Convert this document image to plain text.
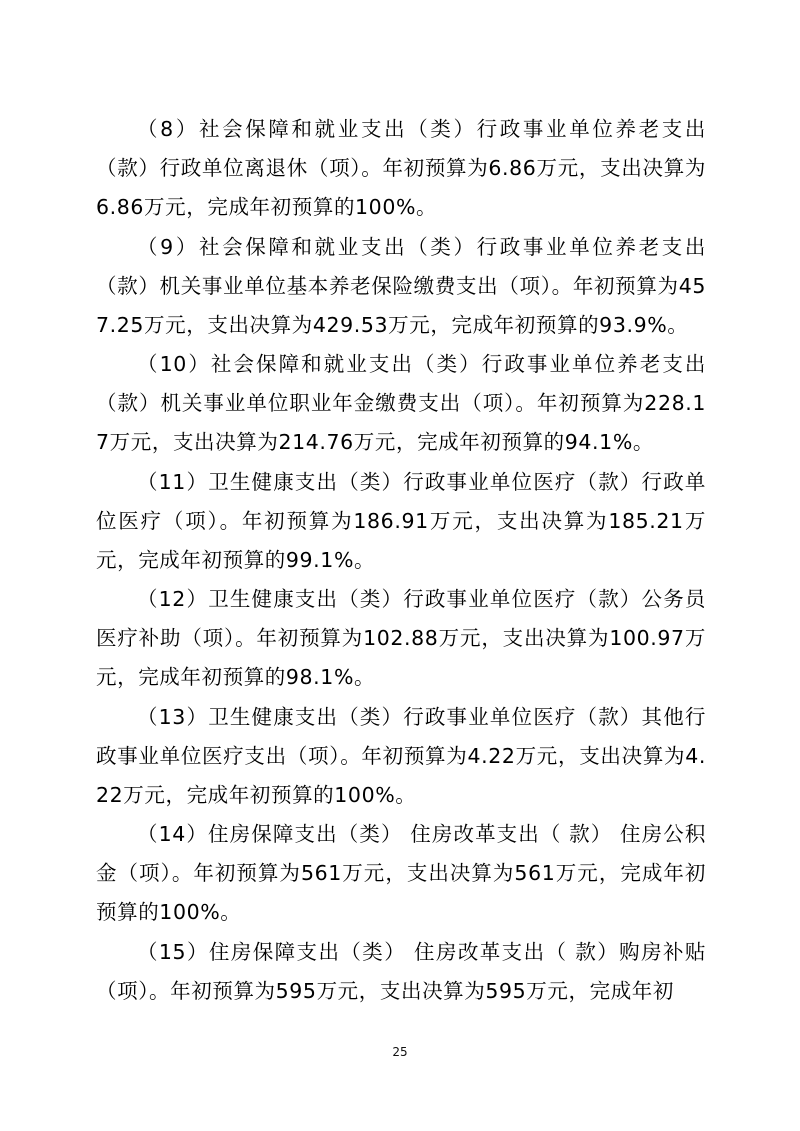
（8）社会保障和就业支出（类）行政事业单位养老支出（款）行政单位离退休（项）。年初预算为6.86万元，支出决算为6.86万元，完成年初预算的100%。

（9）社会保障和就业支出（类）行政事业单位养老支出（款）机关事业单位基本养老保险缴费支出（项）。年初预算为457.25万元，支出决算为429.53万元，完成年初预算的93.9%。

（10）社会保障和就业支出（类）行政事业单位养老支出（款）机关事业单位职业年金缴费支出（项）。年初预算为228.17万元，支出决算为214.76万元，完成年初预算的94.1%。

（11）卫生健康支出（类）行政事业单位医疗（款）行政单位医疗（项）。年初预算为186.91万元，支出决算为185.21万元，完成年初预算的99.1%。

（12）卫生健康支出（类）行政事业单位医疗（款）公务员医疗补助（项）。年初预算为102.88万元，支出决算为100.97万元，完成年初预算的98.1%。

（13）卫生健康支出（类）行政事业单位医疗（款）其他行政事业单位医疗支出（项）。年初预算为4.22万元，支出决算为4.22万元，完成年初预算的100%。

（14）住房保障支出（类） 住房改革支出（ 款） 住房公积金（项）。年初预算为561万元，支出决算为561万元，完成年初预算的100%。

（15）住房保障支出（类） 住房改革支出（ 款）购房补贴（项）。年初预算为595万元，支出决算为595万元，完成年初

25
